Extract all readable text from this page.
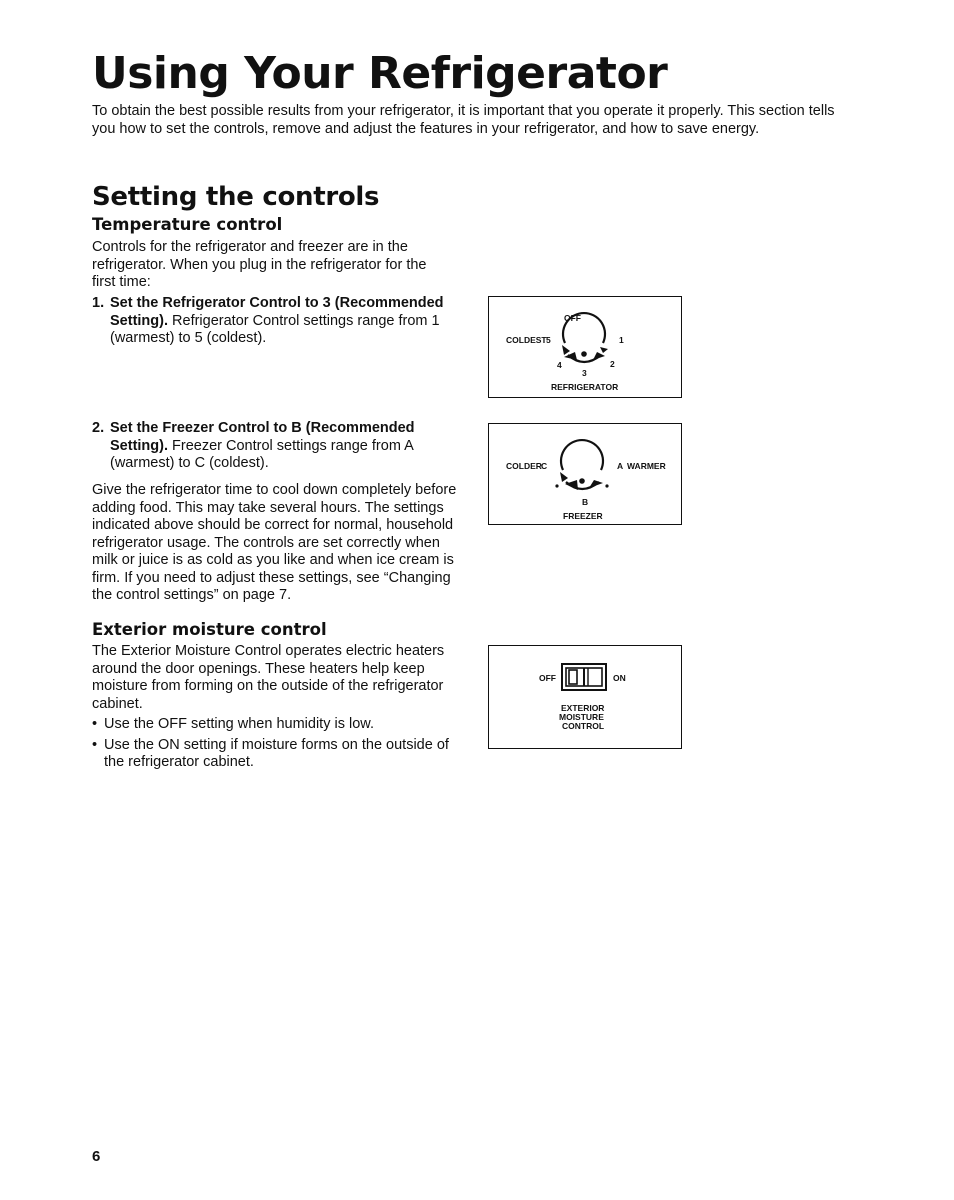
Using Your Refrigerator

To obtain the best possible results from your refrigerator, it is important that you operate it properly. This section tells you how to set the controls, remove and adjust the features in your refrigerator, and how to save energy.

Setting the controls
Temperature control

Controls for the refrigerator and freezer are in the refrigerator. When you plug in the refrigerator for the first time:

1. Set the Refrigerator Control to 3 (Recommended Setting). Refrigerator Control settings range from 1 (warmest) to 5 (coldest).
2. Set the Freezer Control to B (Recommended Setting). Freezer Control settings range from A (warmest) to C (coldest).

Give the refrigerator time to cool down completely before adding food. This may take several hours. The settings indicated above should be correct for normal, household refrigerator usage. The controls are set correctly when milk or juice is as cold as you like and when ice cream is firm. If you need to adjust these settings, see “Changing the control settings” on page 7.

Exterior moisture control

The Exterior Moisture Control operates electric heaters around the door openings. These heaters help keep moisture from forming on the outside of the refrigerator cabinet.

• Use the OFF setting when humidity is low.
• Use the ON setting if moisture forms on the outside of the refrigerator cabinet.
OFF
COLDEST 5	1
4	2
3
REFRIGERATOR
COLDER C	A WARMER
B
FREEZER
OFF	ON
EXTERIOR
MOISTURE
CONTROL
6
